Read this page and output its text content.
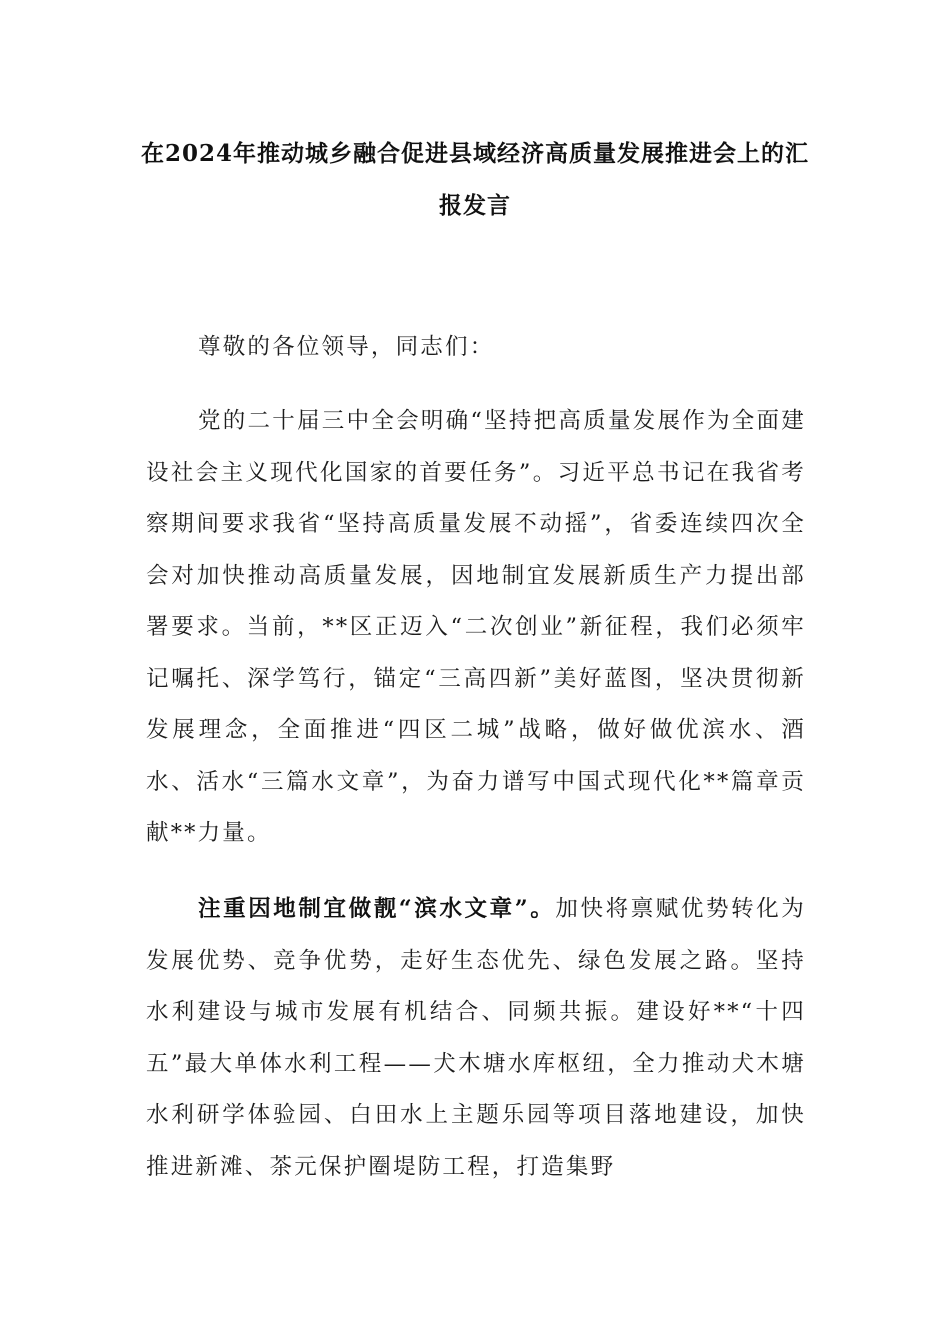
在2024年推动城乡融合促进县域经济高质量发展推进会上的汇报发言

尊敬的各位领导，同志们：

党的二十届三中全会明确“坚持把高质量发展作为全面建设社会主义现代化国家的首要任务”。习近平总书记在我省考察期间要求我省“坚持高质量发展不动摇”，省委连续四次全会对加快推动高质量发展，因地制宜发展新质生产力提出部署要求。当前，**区正迈入“二次创业”新征程，我们必须牢记嘱托、深学笃行，锚定“三高四新”美好蓝图，坚决贯彻新发展理念，全面推进“四区二城”战略，做好做优滨水、酒水、活水“三篇水文章”，为奋力谱写中国式现代化**篇章贡献**力量。

注重因地制宜做靓“滨水文章”。加快将禀赋优势转化为发展优势、竞争优势，走好生态优先、绿色发展之路。坚持水利建设与城市发展有机结合、同频共振。建设好**“十四五”最大单体水利工程——犬木塘水库枢纽，全力推动犬木塘水利研学体验园、白田水上主题乐园等项目落地建设，加快推进新滩、茶元保护圈堤防工程，打造集野
